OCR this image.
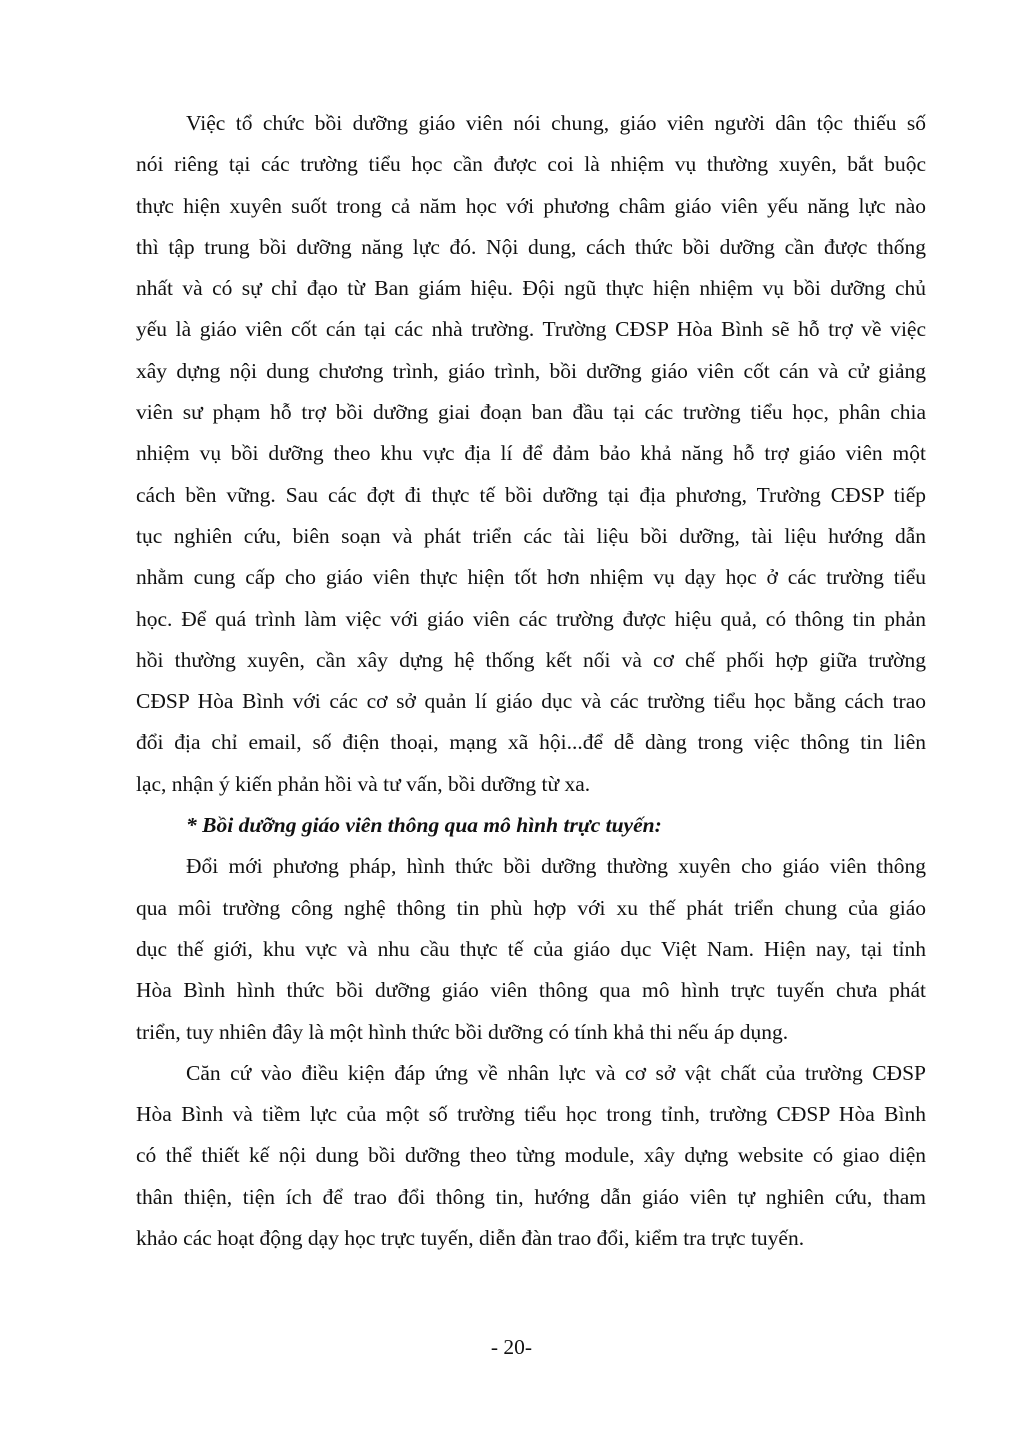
Việc tổ chức bồi dưỡng giáo viên nói chung, giáo viên người dân tộc thiếu số
nói riêng tại các trường tiểu học cần được coi là nhiệm vụ thường xuyên, bắt buộc
thực hiện xuyên suốt trong cả năm học với phương châm giáo viên yếu năng lực nào
thì tập trung bồi dưỡng năng lực đó. Nội dung, cách thức bồi dưỡng cần được thống
nhất và có sự chỉ đạo từ Ban giám hiệu. Đội ngũ thực hiện nhiệm vụ bồi dưỡng chủ
yếu là giáo viên cốt cán tại các nhà trường. Trường CĐSP Hòa Bình sẽ hỗ trợ về việc
xây dựng nội dung chương trình, giáo trình, bồi dưỡng giáo viên cốt cán và cử giảng
viên sư phạm hỗ trợ bồi dưỡng giai đoạn ban đầu tại các trường tiểu học, phân chia
nhiệm vụ bồi dưỡng theo khu vực địa lí để đảm bảo khả năng hỗ trợ giáo viên một
cách bền vững. Sau các đợt đi thực tế bồi dưỡng tại địa phương, Trường CĐSP tiếp
tục nghiên cứu, biên soạn và phát triển các tài liệu bồi dưỡng, tài liệu hướng dẫn
nhằm cung cấp cho giáo viên thực hiện tốt hơn nhiệm vụ dạy học ở các trường tiểu
học. Để quá trình làm việc với giáo viên các trường được hiệu quả, có thông tin phản
hồi thường xuyên, cần xây dựng hệ thống kết nối và cơ chế phối hợp giữa trường
CĐSP Hòa Bình với các cơ sở quản lí giáo dục và các trường tiểu học bằng cách trao
đổi địa chỉ email, số điện thoại, mạng xã hội...để dễ dàng trong việc thông tin liên
lạc, nhận ý kiến phản hồi và tư vấn, bồi dưỡng từ xa.
* Bồi dưỡng giáo viên thông qua mô hình trực tuyến:
Đổi mới phương pháp, hình thức bồi dưỡng thường xuyên cho giáo viên thông
qua môi trường công nghệ thông tin phù hợp với xu thế phát triển chung của giáo
dục thế giới, khu vực và nhu cầu thực tế của giáo dục Việt Nam. Hiện nay, tại tỉnh
Hòa Bình hình thức bồi dưỡng giáo viên thông qua mô hình trực tuyến chưa phát
triển, tuy nhiên đây là một hình thức bồi dưỡng có tính khả thi nếu áp dụng.
Căn cứ vào điều kiện đáp ứng về nhân lực và cơ sở vật chất của trường CĐSP
Hòa Bình và tiềm lực của một số trường tiểu học trong tỉnh, trường CĐSP Hòa Bình
có thể thiết kế nội dung bồi dưỡng theo từng module, xây dựng website có giao diện
thân thiện, tiện ích để trao đổi thông tin, hướng dẫn giáo viên tự nghiên cứu, tham
khảo các hoạt động dạy học trực tuyến, diễn đàn trao đổi, kiểm tra trực tuyến.
- 20-
